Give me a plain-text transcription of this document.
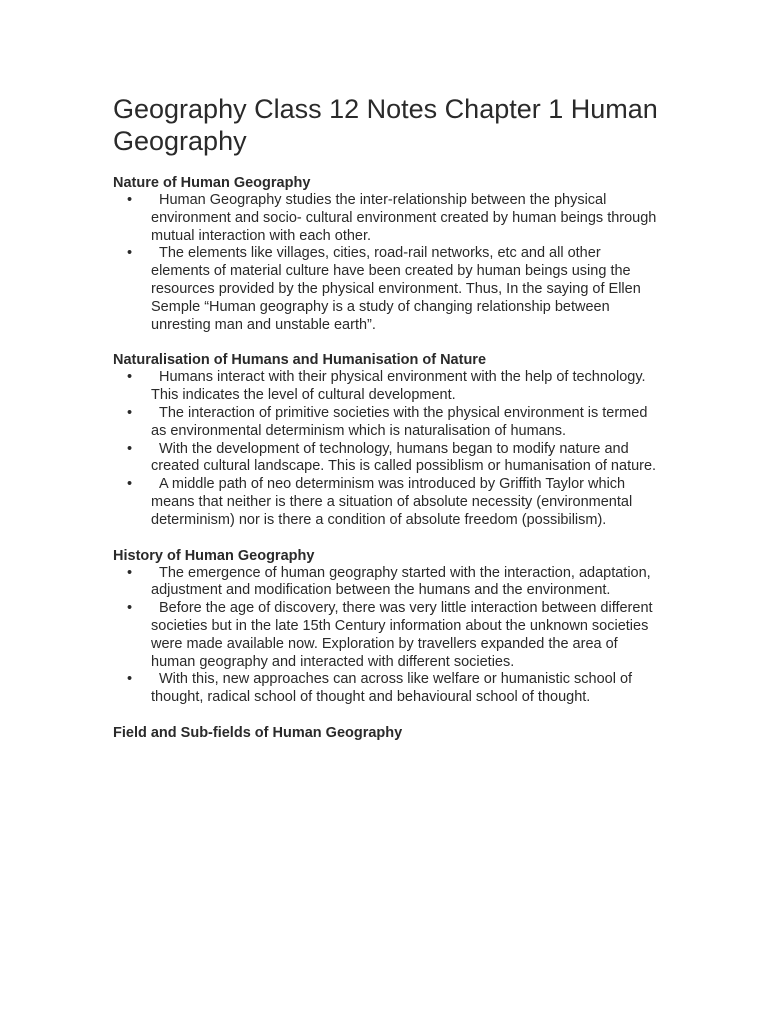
Geography Class 12 Notes Chapter 1 Human Geography
Nature of Human Geography
•	Human Geography studies the inter-relationship between the physical environment and socio- cultural environment created by human beings through mutual interaction with each other.
•	The elements like villages, cities, road-rail networks, etc and all other elements of material culture have been created by human beings using the resources provided by the physical environment. Thus, In the saying of Ellen Semple “Human geography is a study of changing relationship between unresting man and unstable earth”.
Naturalisation of Humans and Humanisation of Nature
•	Humans interact with their physical environment with the help of technology. This indicates the level of cultural development.
•	The interaction of primitive societies with the physical environment is termed as environmental determinism which is naturalisation of humans.
•	With the development of technology, humans began to modify nature and created cultural landscape. This is called possiblism or humanisation of nature.
•	A middle path of neo determinism was introduced by Griffith Taylor which means that neither is there a situation of absolute necessity (environmental determinism) nor is there a condition of absolute freedom (possibilism).
History of Human Geography
•	The emergence of human geography started with the interaction, adaptation, adjustment and modification between the humans and the environment.
•	Before the age of discovery, there was very little interaction between different societies but in the late 15th Century information about the unknown societies were made available now. Exploration by travellers expanded the area of human geography and interacted with different societies.
•	With this, new approaches can across like welfare or humanistic school of thought, radical school of thought and behavioural school of thought.
Field and Sub-fields of Human Geography
